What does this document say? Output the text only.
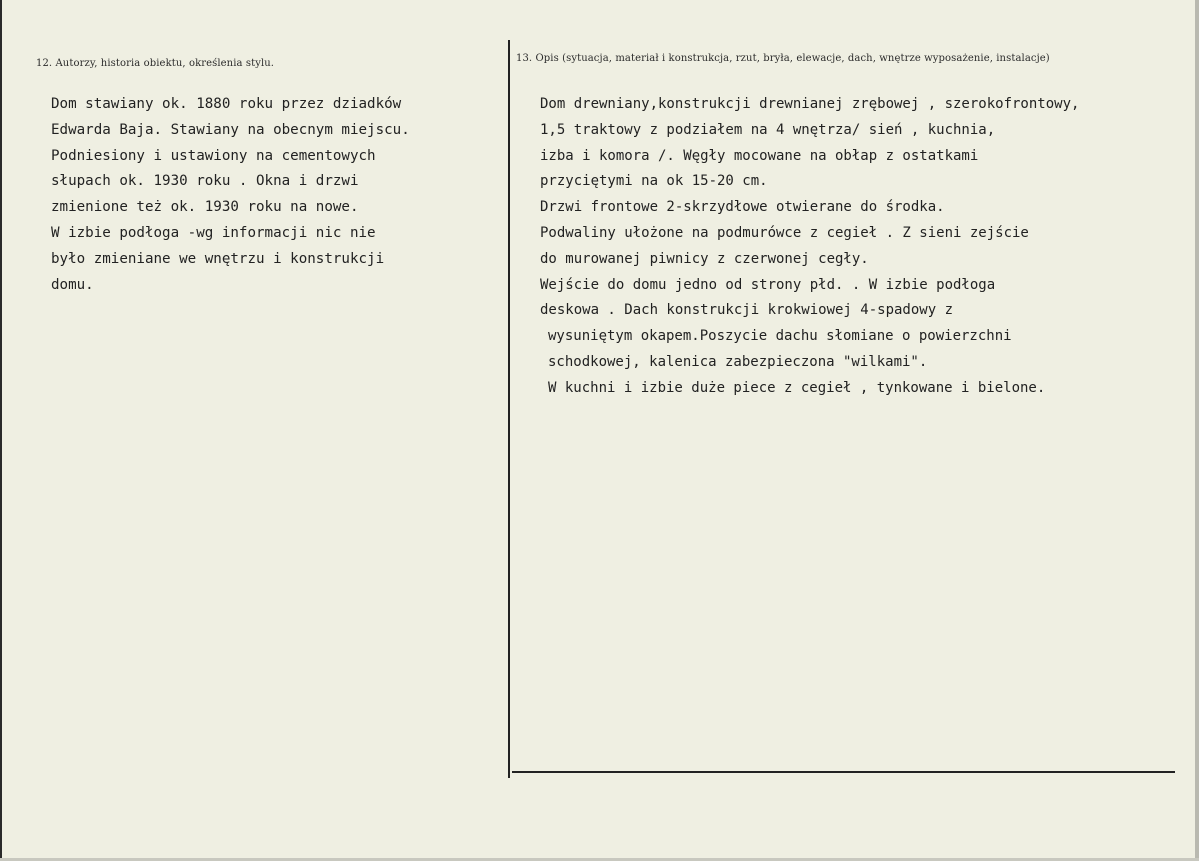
12. Autorzy, historia obiektu, określenia stylu.	13. Opis (sytuacja, materiał i konstrukcja, rzut, bryła, elewacje, dach, wnętrze wyposażenie, instalacje)
Dom stawiany ok. 1880 roku przez dziadków
Edwarda Baja. Stawiany na obecnym miejscu.
Podniesiony i ustawiony na cementowych
słupach ok. 1930 roku . Okna i drzwi
zmienione też ok. 1930 roku na nowe.
W izbie podłoga -wg informacji nic nie
było zmieniane we wnętrzu i konstrukcji
domu.
Dom drewniany,konstrukcji drewnianej zrębowej , szerokofrontowy,
1,5 traktowy z podziałem na 4 wnętrza/ sień , kuchnia,
izba i komora /. Węgły mocowane na obłap z ostatkami
przyciętymi na ok 15-20 cm.
Drzwi frontowe 2-skrzydłowe otwierane do środka.
Podwaliny ułożone na podmurówce z cegieł . Z sieni zejście
do murowanej piwnicy z czerwonej cegły.
Wejście do domu jedno od strony płd. . W izbie podłoga
deskowa . Dach konstrukcji krokwiowej 4-spadowy z
wysuniętym okapem.Poszycie dachu słomiane o powierzchni
schodkowej, kalenica zabezpieczona "wilkami".
W kuchni i izbie duże piece z cegieł , tynkowane i bielone.
